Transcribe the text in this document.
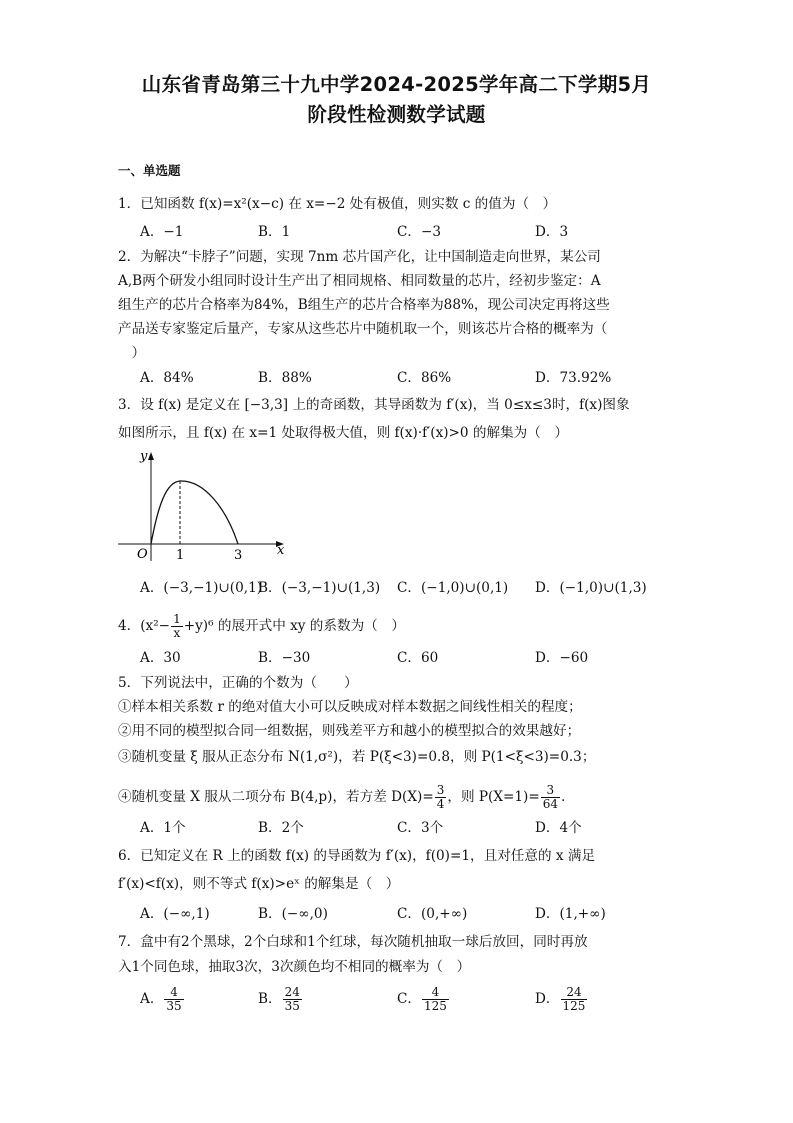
山东省青岛第三十九中学2024-2025学年高二下学期5月
阶段性检测数学试题
一、单选题
1．已知函数 f(x)=x²(x−c) 在 x=−2 处有极值，则实数 c 的值为（　）
A．−1	B．1	C．−3	D．3
2．为解决“卡脖子”问题，实现 7nm 芯片国产化，让中国制造走向世界，某公司
A,B两个研发小组同时设计生产出了相同规格、相同数量的芯片，经初步鉴定：A
组生产的芯片合格率为84%，B组生产的芯片合格率为88%，现公司决定再将这些
产品送专家鉴定后量产，专家从这些芯片中随机取一个，则该芯片合格的概率为（
　）
A．84%	B．88%	C．86%	D．73.92%
3．设 f(x) 是定义在 [−3,3] 上的奇函数，其导函数为 f′(x)，当 0≤x≤3时，f(x)图象
如图所示，且 f(x) 在 x=1 处取得极大值，则 f(x)·f′(x)>0 的解集为（　）
y
x
O 1	3
A．(−3,−1)∪(0,1)
B．(−3,−1)∪(1,3) C．(−1,0)∪(0,1) D．(−1,0)∪(1,3)
4．$(x^2- \frac{1}{x} +y)^6$ 的展开式中 xy 的系数为（　）
A．30	B．−30	C．60	D．−60
5．下列说法中，正确的个数为（　　）
①样本相关系数 r 的绝对值大小可以反映成对样本数据之间线性相关的程度；
②用不同的模型拟合同一组数据，则残差平方和越小的模型拟合的效果越好；
③随机变量 ξ 服从正态分布 N(1,σ²)，若 P(ξ<3)=0.8，则 P(1<ξ<3)=0.3；
④随机变量 X 服从二项分布 B(4,p)，若方差 $D(X)= \frac{3}{4}$ ，则 $P(X=1)= \frac{3}{64}$ .
A．1个	B．2个	C．3个	D．4个
6．已知定义在 R 上的函数 f(x) 的导函数为 f′(x)，f(0)=1，且对任意的 x 满足
f′(x)<f(x)，则不等式 f(x)>eˣ 的解集是（　）
A．(−∞,1)	B．(−∞,0)	C．(0,+∞)	D．(1,+∞)
7．盒中有2个黑球，2个白球和1个红球，每次随机抽取一球后放回，同时再放
入1个同色球，抽取3次，3次颜色均不相同的概率为（　）
A． $\frac{4}{35}$	B． $\frac{24}{35}$	C． $\frac{4}{125}$	D． $\frac{24}{125}$
